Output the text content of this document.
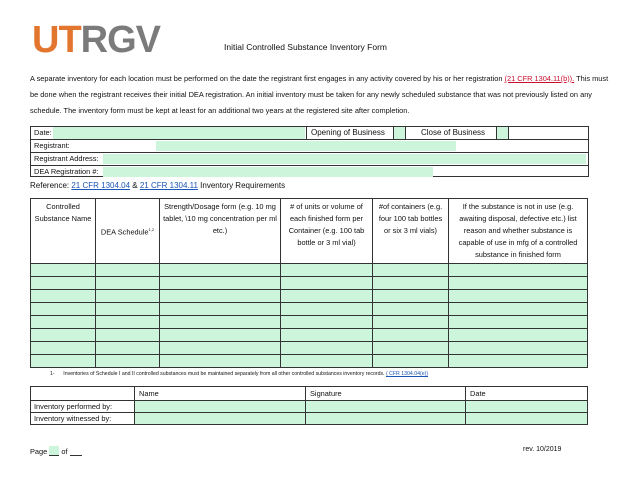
UTRGV	Initial Controlled Substance Inventory Form
A separate inventory for each location must be performed on the date the registrant first engages in any activity covered by his or her registration (21 CFR 1304.11(b)). This must be done when the registrant receives their initial DEA registration. An initial inventory must be taken for any newly scheduled substance that was not previously listed on any schedule. The inventory form must be kept at least for an additional two years at the registered site after completion.
Date:	Opening of Business	Close of Business
Registrant:
Registrant Address:
DEA Registration #:
Reference: 21 CFR 1304.04 & 21 CFR 1304.11 Inventory Requirements
Controlled Substance Name	DEA Schedule$^{1,2}$	Strength/Dosage form (e.g. 10 mg tablet, \10 mg concentration per ml etc.)	# of units or volume of each finished form per Container (e.g. 100 tab bottle or 3 ml vial)	#of containers (e.g. four 100 tab bottles or six 3 ml vials)	If the substance is not in use (e.g. awaiting disposal, defective etc.) list reason and whether substance is capable of use in mfg of a controlled substance in finished form

1- Inventories of Schedule I and II controlled substances must be maintained separately from all other controlled substances inventory records. ( CFR 1304.04(e))
	Name	Signature	Date
Inventory performed by:			
Inventory witnessed by:			
Page of	rev. 10/2019
